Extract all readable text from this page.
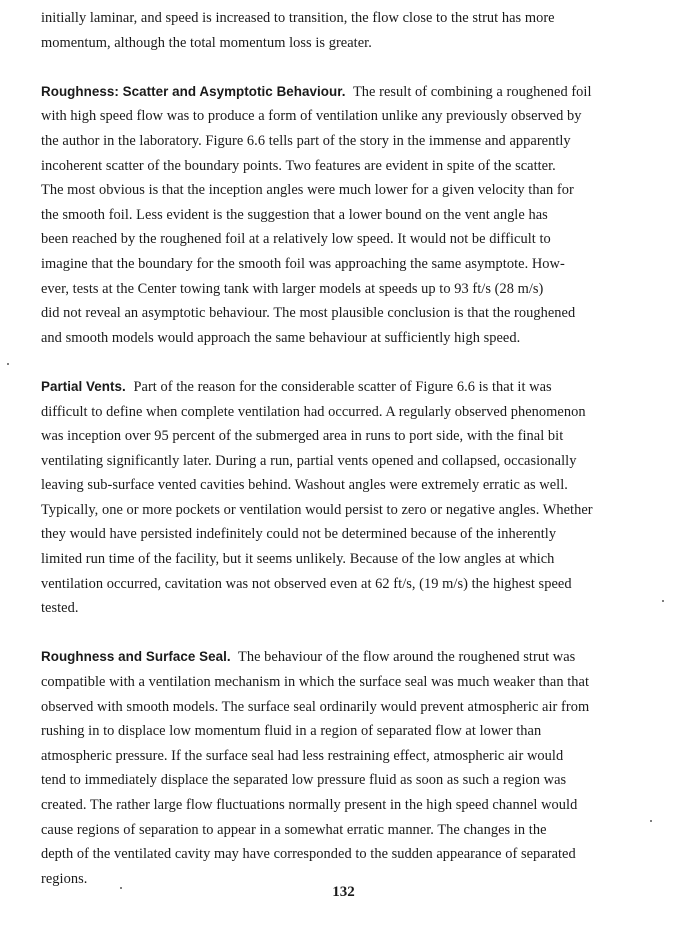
initially laminar, and speed is increased to transition, the flow close to the strut has more
momentum, although the total momentum loss is greater.

Roughness: Scatter and Asymptotic Behaviour. The result of combining a roughened foil
with high speed flow was to produce a form of ventilation unlike any previously observed by
the author in the laboratory. Figure 6.6 tells part of the story in the immense and apparently
incoherent scatter of the boundary points. Two features are evident in spite of the scatter.
The most obvious is that the inception angles were much lower for a given velocity than for
the smooth foil. Less evident is the suggestion that a lower bound on the vent angle has
been reached by the roughened foil at a relatively low speed. It would not be difficult to
imagine that the boundary for the smooth foil was approaching the same asymptote. How-
ever, tests at the Center towing tank with larger models at speeds up to 93 ft/s (28 m/s)
did not reveal an asymptotic behaviour. The most plausible conclusion is that the roughened
and smooth models would approach the same behaviour at sufficiently high speed.

Partial Vents. Part of the reason for the considerable scatter of Figure 6.6 is that it was
difficult to define when complete ventilation had occurred. A regularly observed phenomenon
was inception over 95 percent of the submerged area in runs to port side, with the final bit
ventilating significantly later. During a run, partial vents opened and collapsed, occasionally
leaving sub-surface vented cavities behind. Washout angles were extremely erratic as well.
Typically, one or more pockets or ventilation would persist to zero or negative angles. Whether
they would have persisted indefinitely could not be determined because of the inherently
limited run time of the facility, but it seems unlikely. Because of the low angles at which
ventilation occurred, cavitation was not observed even at 62 ft/s, (19 m/s) the highest speed
tested.

Roughness and Surface Seal. The behaviour of the flow around the roughened strut was
compatible with a ventilation mechanism in which the surface seal was much weaker than that
observed with smooth models. The surface seal ordinarily would prevent atmospheric air from
rushing in to displace low momentum fluid in a region of separated flow at lower than
atmospheric pressure. If the surface seal had less restraining effect, atmospheric air would
tend to immediately displace the separated low pressure fluid as soon as such a region was
created. The rather large flow fluctuations normally present in the high speed channel would
cause regions of separation to appear in a somewhat erratic manner. The changes in the
depth of the ventilated cavity may have corresponded to the sudden appearance of separated
regions.

132
